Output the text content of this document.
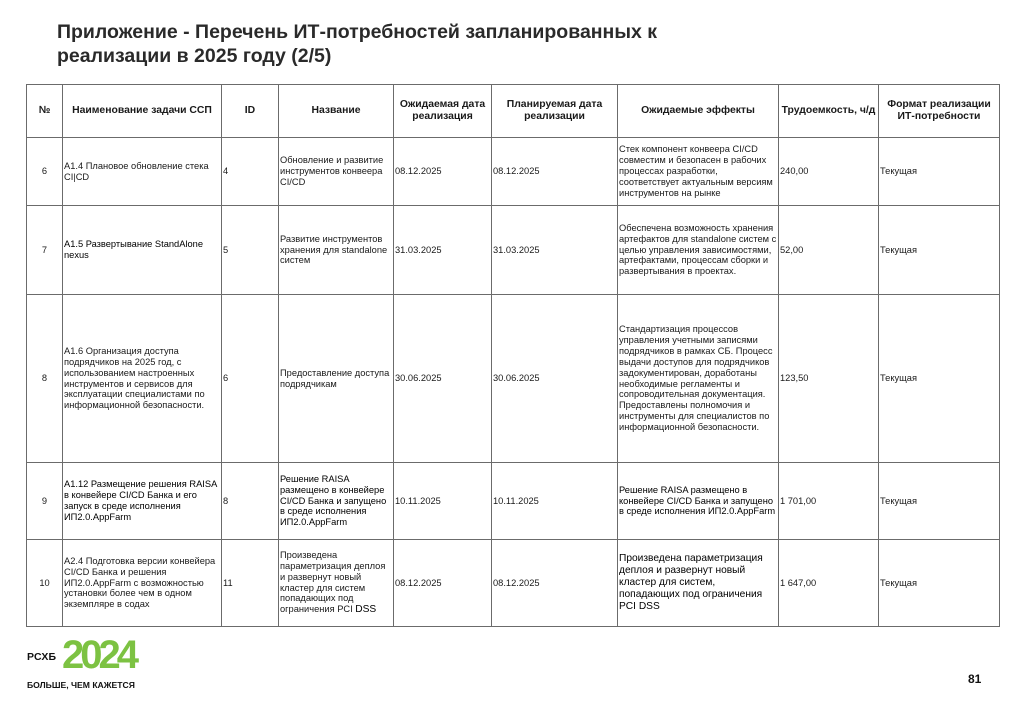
Приложение - Перечень ИТ-потребностей запланированных к
реализации в 2025 году (2/5)
№	Наименование задачи ССП	ID	Название	Ожидаемая дата реализация	Планируемая дата реализации	Ожидаемые эффекты	Трудоемкость, ч/д	Формат реализации ИТ-потребности
6	А1.4 Плановое обновление стека CI|CD	4	Обновление и развитие инструментов конвеера CI/CD	08.12.2025	08.12.2025	Стек компонент конвеера CI/CD совместим и безопасен в рабочих процессах разработки, соответствует актуальным версиям инструментов на рынке	240,00	Текущая
7	А1.5 Развертывание StandAlone nexus	5	Развитие инструментов хранения для standalone систем	31.03.2025	31.03.2025	Обеспечена возможность хранения артефактов для standalone систем с целью управления зависимостями, артефактами, процессам сборки и развертывания в проектах.	52,00	Текущая
8	А1.6 Организация доступа подрядчиков на 2025 год, с использованием настроенных инструментов и сервисов для эксплуатации специалистами по информационной безопасности.	6	Предоставление доступа подрядчикам	30.06.2025	30.06.2025	Стандартизация процессов управления учетными записями подрядчиков в рамках СБ. Процесс выдачи доступов для подрядчиков задокументирован, доработаны необходимые регламенты и сопроводительная документация. Предоставлены полномочия и инструменты для специалистов по информационной безопасности.	123,50	Текущая
9	А1.12 Размещение решения RAISA в конвейере CI/CD Банка и его запуск в среде исполнения ИП2.0.AppFarm	8	Решение RAISA размещено в конвейере CI/CD Банка и запущено в среде исполнения ИП2.0.AppFarm	10.11.2025	10.11.2025	Решение RAISA размещено в конвейере CI/CD Банка и запущено в среде исполнения ИП2.0.AppFarm	1 701,00	Текущая
10	А2.4 Подготовка версии конвейера CI/CD Банка и решения ИП2.0.AppFarm с возможностью установки более чем в одном экземпляре в содах	11	Произведена параметризация деплоя и развернут новый кластер для систем попадающих под ограничения PCI DSS	08.12.2025	08.12.2025	Произведена параметризация деплоя и развернут новый кластер для систем, попадающих под ограничения PCI DSS	1 647,00	Текущая
РСХБ 2024
БОЛЬШЕ, ЧЕМ КАЖЕТСЯ	81
